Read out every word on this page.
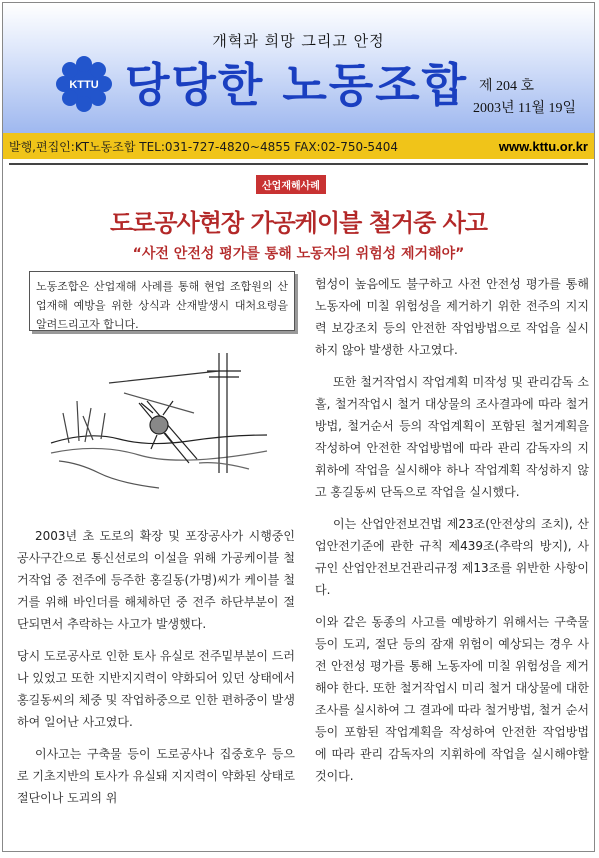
개혁과 희망 그리고 안정
KTTU 당당한 노동조합 제 204 호
2003년 11월 19일
발행,편집인:KT노동조합 TEL:031-727-4820~4855 FAX:02-750-5404	www.kttu.or.kr
산업재해사례
도로공사현장 가공케이블 철거중 사고
“사전 안전성 평가를 통해 노동자의 위험성 제거해야”
노동조합은 산업재해 사례를 통해 현업 조합원의 산업재해 예방을 위한 상식과 산재발생시 대처요령을 알려드리고자 합니다.

2003년 초 도로의 확장 및 포장공사가 시행중인 공사구간으로 통신선로의 이설을 위해 가공케이블 철거작업 중 전주에 등주한 홍길동(가명)씨가 케이블 철거를 위해 바인더를 해체하던 중 전주 하단부분이 절단되면서 추락하는 사고가 발생했다.

당시 도로공사로 인한 토사 유실로 전주밑부분이 드러나 있었고 또한 지반지지력이 약화되어 있던 상태에서 홍길동씨의 체중 및 작업하중으로 인한 편하중이 발생하여 일어난 사고였다.

이사고는 구축물 등이 도로공사나 집중호우 등으로 기초지반의 토사가 유실돼 지지력이 약화된 상태로 절단이나 도괴의 위

험성이 높음에도 불구하고 사전 안전성 평가를 통해 노동자에 미칠 위험성을 제거하기 위한 전주의 지지력 보강조치 등의 안전한 작업방법으로 작업을 실시하지 않아 발생한 사고였다.

또한 철거작업시 작업계획 미작성 및 관리감독 소홀, 철거작업시 철거 대상물의 조사결과에 따라 철거방법, 철거순서 등의 작업계획이 포함된 철거계획을 작성하여 안전한 작업방법에 따라 관리 감독자의 지휘하에 작업을 실시해야 하나 작업계획 작성하지 않고 홍길동씨 단독으로 작업을 실시했다.

이는 산업안전보건법 제23조(안전상의 조치), 산업안전기준에 관한 규칙 제439조(추락의 방지), 사규인 산업안전보건관리규정 제13조를 위반한 사항이다.

이와 같은 동종의 사고를 예방하기 위해서는 구축물 등이 도괴, 절단 등의 잠재 위험이 예상되는 경우 사전 안전성 평가를 통해 노동자에 미칠 위험성을 제거해야 한다. 또한 철거작업시 미리 철거 대상물에 대한 조사를 실시하여 그 결과에 따라 철거방법, 철거 순서등이 포함된 작업계획을 작성하여 안전한 작업방법에 따라 관리 감독자의 지휘하에 작업을 실시해야할 것이다.
